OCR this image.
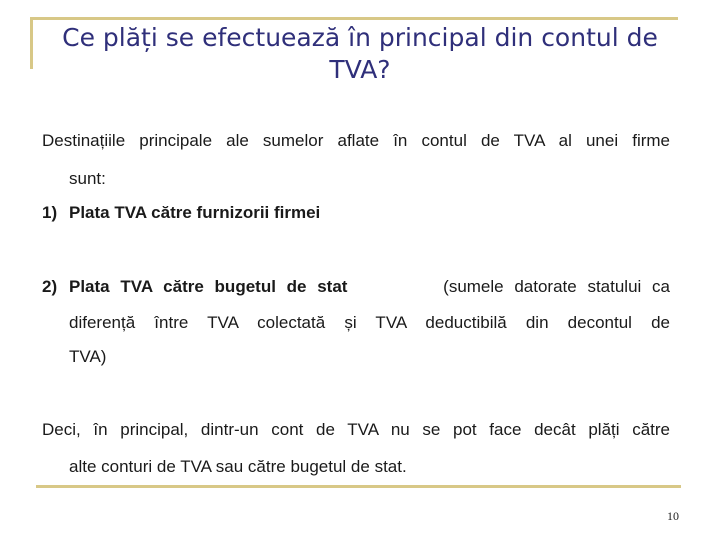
Ce plăți se efectuează în principal din contul de
TVA?
Destinațiile principale ale sumelor aflate în contul de TVA al unei firme
sunt:
1) Plata TVA către furnizorii firmei
2) Plata TVA către bugetul de stat	(sumele datorate statului ca
diferență între TVA colectată și TVA deductibilă din decontul de
TVA)
Deci, în principal, dintr-un cont de TVA nu se pot face decât plăți către
alte conturi de TVA sau către bugetul de stat.
10
